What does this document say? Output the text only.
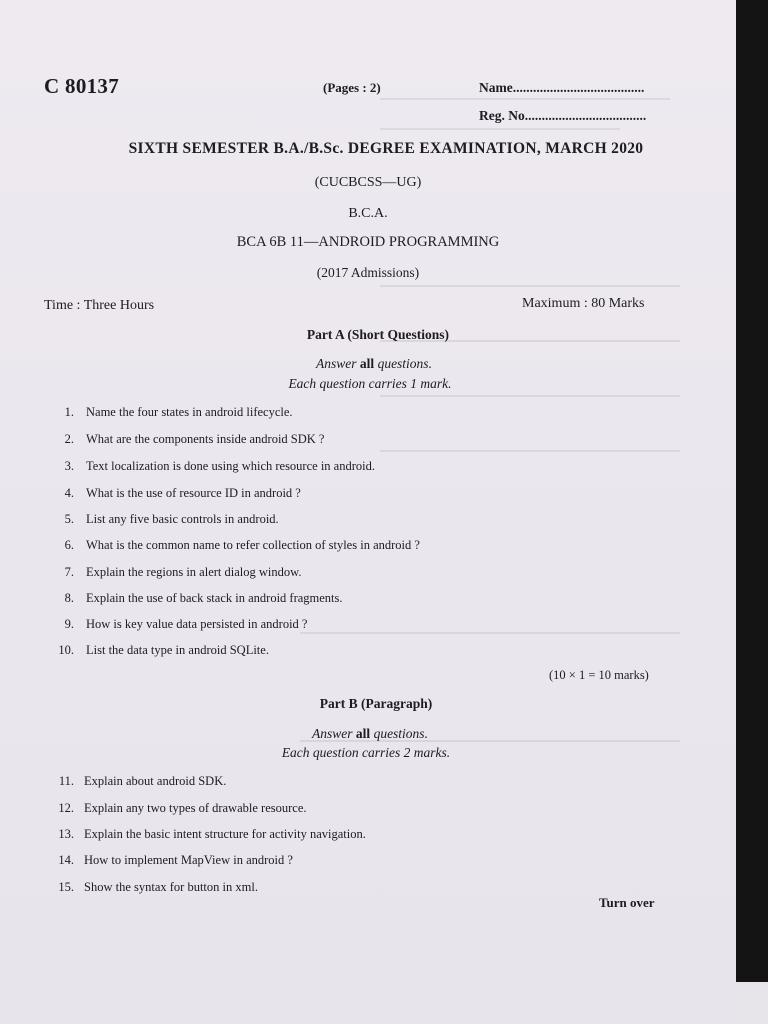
C 80137	(Pages : 2)	Name.......................................
Reg. No....................................
SIXTH SEMESTER B.A./B.Sc. DEGREE EXAMINATION, MARCH 2020
(CUCBCSS—UG)
B.C.A.
BCA 6B 11—ANDROID PROGRAMMING
(2017 Admissions)
Time : Three Hours	Maximum : 80 Marks
Part A (Short Questions)
Answer all questions.
Each question carries 1 mark.
1. Name the four states in android lifecycle.
2. What are the components inside android SDK ?
3. Text localization is done using which resource in android.
4. What is the use of resource ID in android ?
5. List any five basic controls in android.
6. What is the common name to refer collection of styles in android ?
7. Explain the regions in alert dialog window.
8. Explain the use of back stack in android fragments.
9. How is key value data persisted in android ?
10. List the data type in android SQLite.
(10 × 1 = 10 marks)
Part B (Paragraph)
Answer all questions.
Each question carries 2 marks.
11. Explain about android SDK.
12. Explain any two types of drawable resource.
13. Explain the basic intent structure for activity navigation.
14. How to implement MapView in android ?
15. Show the syntax for button in xml.
Turn over
